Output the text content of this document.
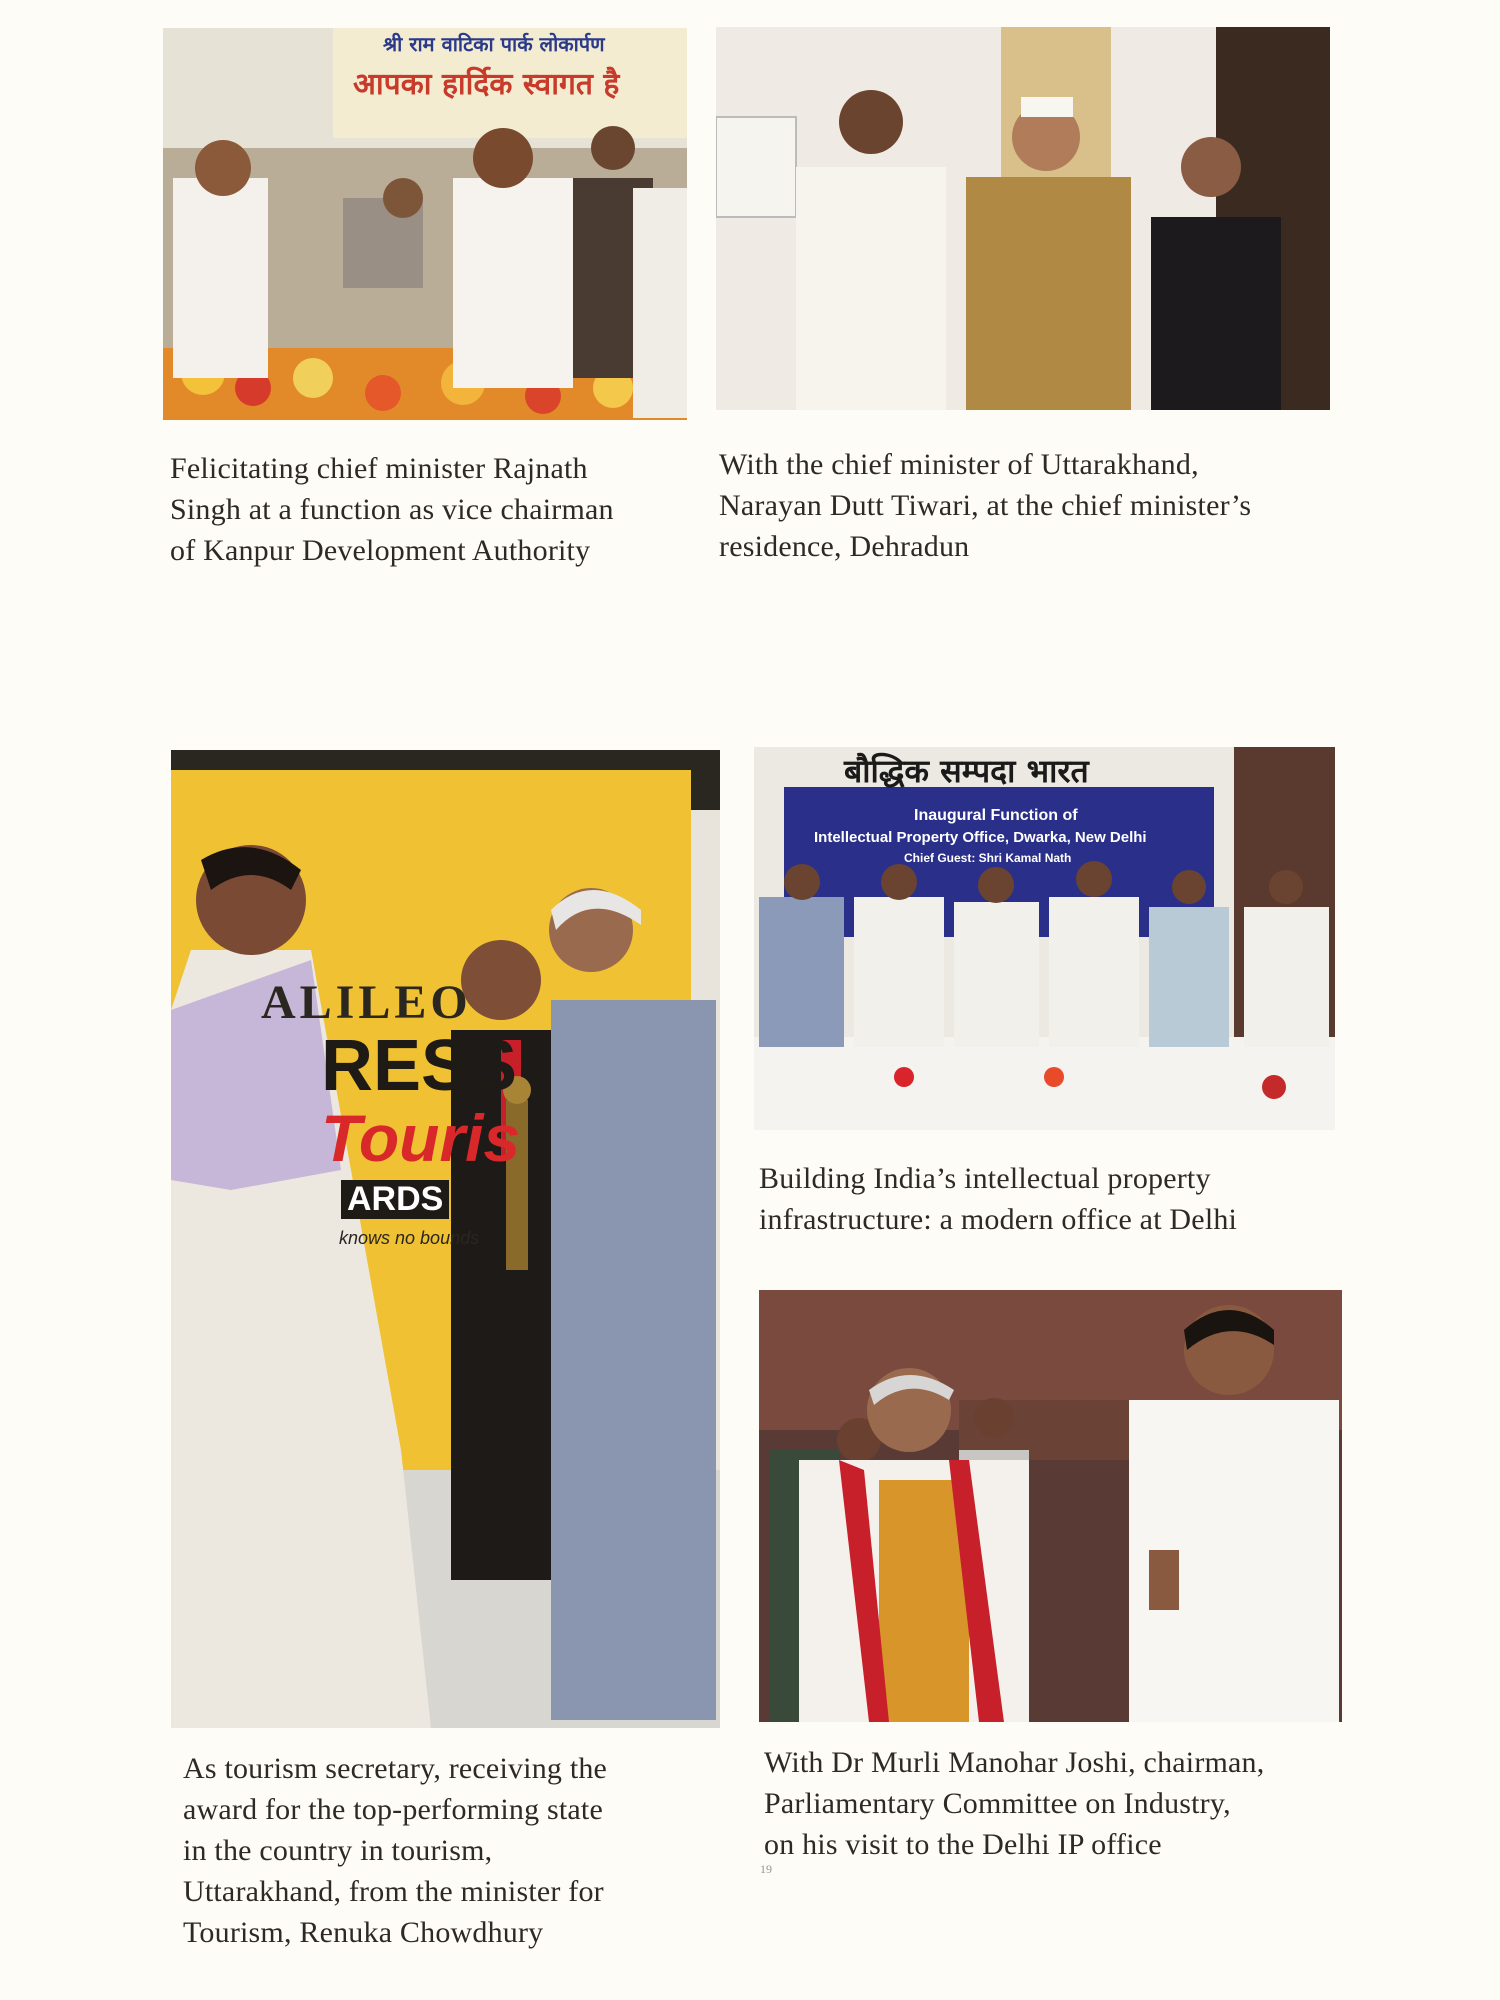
श्री राम वाटिका पार्क लोकार्पण
आपका हार्दिक स्वागत है
Felicitating chief minister Rajnath
Singh at a function as vice chairman
of Kanpur Development Authority
With the chief minister of Uttarakhand,
Narayan Dutt Tiwari, at the chief minister’s
residence, Dehradun
ALILEO
RESS
Touris
ARDS
knows no bounds
As tourism secretary, receiving the
award for the top-performing state
in the country in tourism,
Uttarakhand, from the minister for
Tourism, Renuka Chowdhury
बौद्धिक सम्पदा भारत
Inaugural Function of
Intellectual Property Office, Dwarka, New Delhi
Chief Guest: Shri Kamal Nath
Building India’s intellectual property
infrastructure: a modern office at Delhi
With Dr Murli Manohar Joshi, chairman,
Parliamentary Committee on Industry,
on his visit to the Delhi IP office
19
